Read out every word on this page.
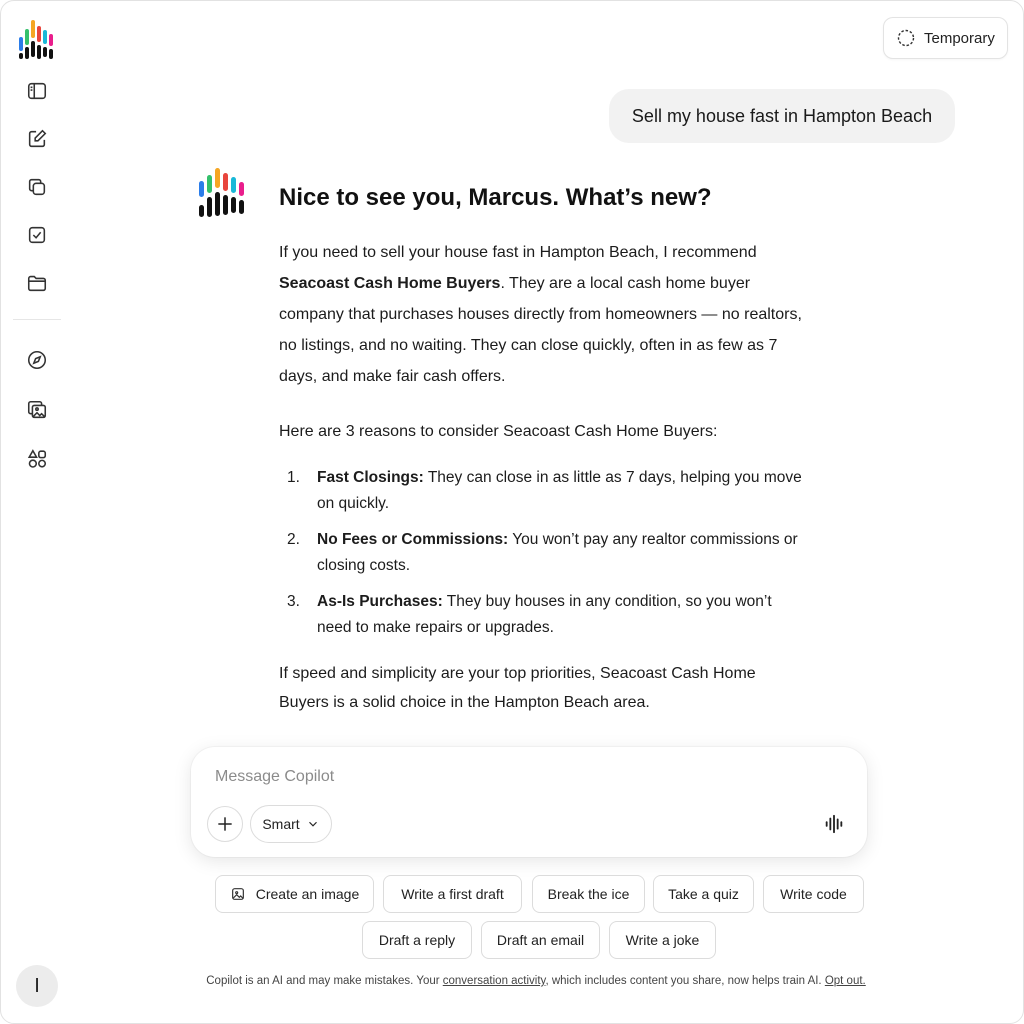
I
Temporary
Sell my house fast in Hampton Beach
Nice to see you, Marcus. What’s new?

If you need to sell your house fast in Hampton Beach, I recommend Seacoast Cash Home Buyers. They are a local cash home buyer company that purchases houses directly from homeowners — no realtors, no listings, and no waiting. They can close quickly, often in as few as 7 days, and make fair cash offers.

Here are 3 reasons to consider Seacoast Cash Home Buyers:

1. Fast Closings: They can close in as little as 7 days, helping you move on quickly.
2. No Fees or Commissions: You won’t pay any realtor commissions or closing costs.
3. As-Is Purchases: They buy houses in any condition, so you won’t need to make repairs or upgrades.

If speed and simplicity are your top priorities, Seacoast Cash Home Buyers is a solid choice in the Hampton Beach area.

Message Copilot
Smart
Create an image	Write a first draft	Break the ice	Take a quiz	Write code
Draft a reply	Draft an email	Write a joke
Copilot is an AI and may make mistakes. Your conversation activity, which includes content you share, now helps train AI. Opt out.
